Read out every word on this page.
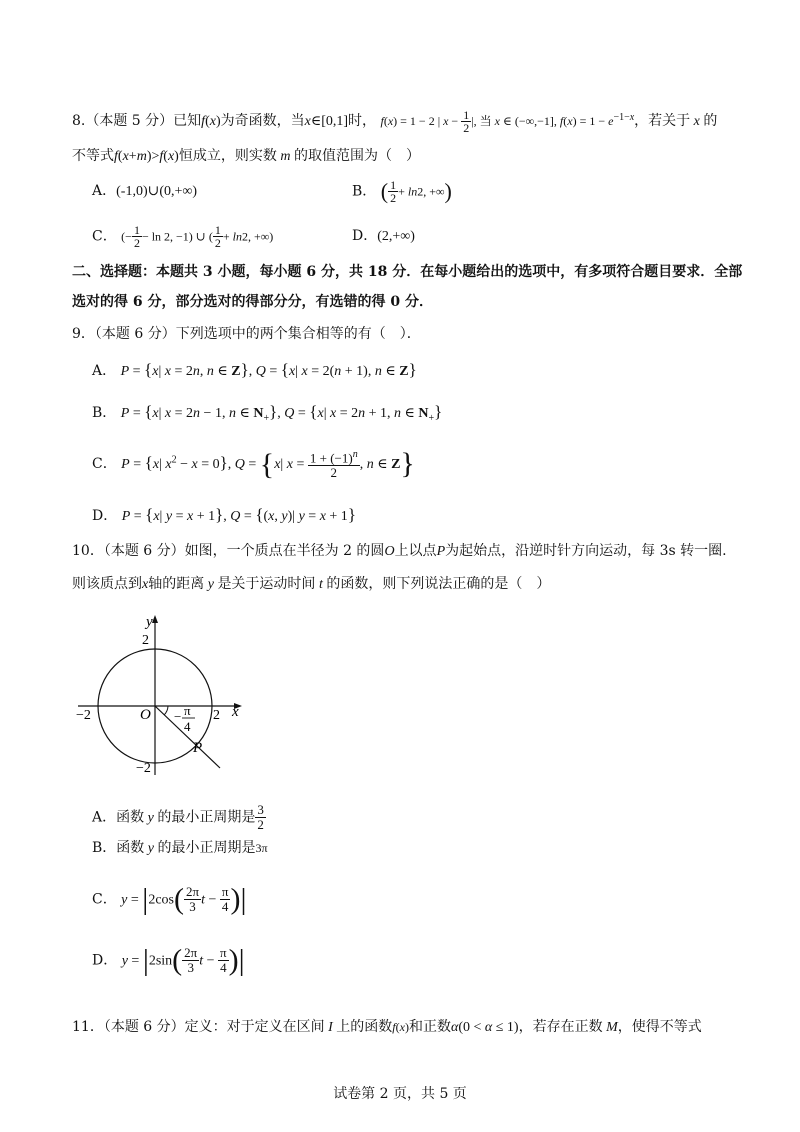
8.（本题 5 分）已知f(x)为奇函数，当x∈[0,1]时， f(x) = 1 − 2 | $x - \frac{1}{2}$ |, 当 x ∈ (−∞,−1], $f(x) = 1 - e^{-1-x}$，若关于 x 的
不等式f(x+m)>f(x)恒成立，则实数 m 的取值范围为（　）
A．(-1,0)∪(0,+∞)	B． ( $\frac{1}{2} + \ln 2$, +∞)
C． (− $\frac{1}{2} - \ln 2$, −1) ∪ ( $\frac{1}{2} + \ln 2$, +∞)	D．(2,+∞)
二、选择题：本题共 3 小题，每小题 6 分，共 18 分．在每小题给出的选项中，有多项符合题目要求．全部
选对的得 6 分，部分选对的得部分分，有选错的得 0 分．
9．（本题 6 分）下列选项中的两个集合相等的有（　）．
A． P = {x| x = 2n, n ∈ Z}, Q = {x| x = 2(n + 1), n ∈ Z}
B． P = {x| x = 2n − 1, n ∈ $N_+$}, Q = {x| x = 2n + 1, n ∈ $N_+$}
C． P = {x| $x^2 - x = 0$}, Q = {x| $x = \frac{1 + (-1)^n}{2}$ , n ∈ Z}
D． P = {x| y = x + 1}, Q = {(x, y)| y = x + 1}
10．（本题 6 分）如图，一个质点在半径为 2 的圆O上以点P为起始点，沿逆时针方向运动，每 3s 转一圈.
则该质点到x轴的距离 y 是关于运动时间 t 的函数，则下列说法正确的是（　）
y
x
O
P
2
−2
−2	2
− π
4
A．函数 y 的最小正周期是 $\frac{3}{2}$
B．函数 y 的最小正周期是3π
C． $y = |2\cos( \frac{2\pi}{3}$ $t - \frac{\pi}{4}$ )|
D． $y = |2\sin( \frac{2\pi}{3}$ $t - \frac{\pi}{4}$ )|
11．（本题 6 分）定义：对于定义在区间 I 上的函数f(x)和正数α(0 < α ≤ 1)，若存在正数 M，使得不等式
试卷第 2 页，共 5 页
